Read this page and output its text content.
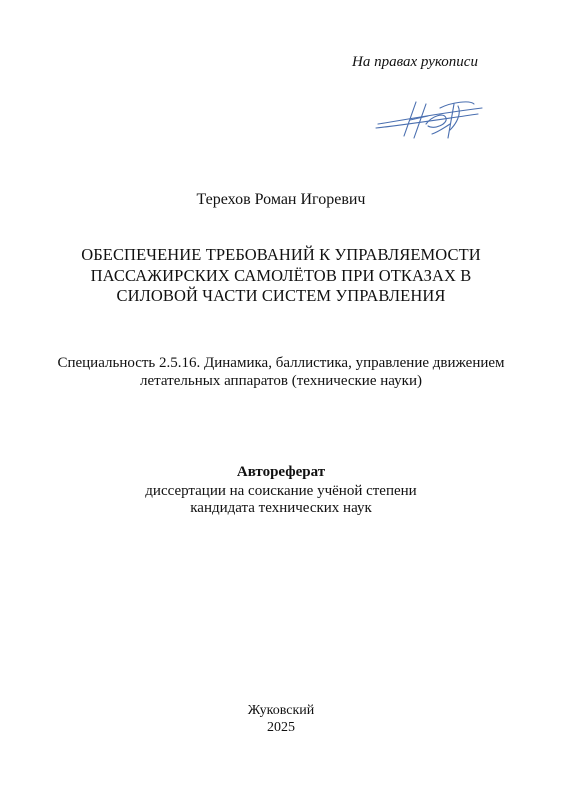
На правах рукописи
Терехов Роман Игоревич
ОБЕСПЕЧЕНИЕ ТРЕБОВАНИЙ К УПРАВЛЯЕМОСТИ
ПАССАЖИРСКИХ САМОЛЁТОВ ПРИ ОТКАЗАХ В
СИЛОВОЙ ЧАСТИ СИСТЕМ УПРАВЛЕНИЯ
Специальность 2.5.16. Динамика, баллистика, управление движением
летательных аппаратов (технические науки)
Автореферат
диссертации на соискание учёной степени
кандидата технических наук
Жуковский
2025
